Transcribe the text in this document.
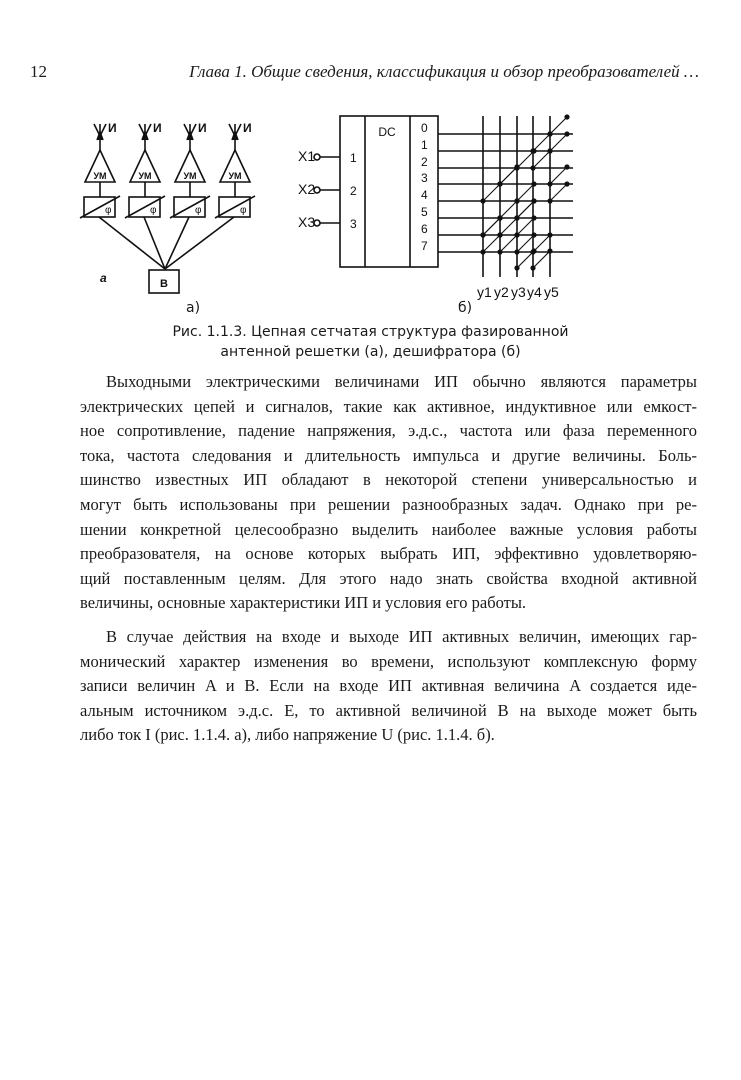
12	Глава 1. Общие сведения, классификация и обзор преобразователей …
И
УМ
φ
И
УМ
φ
И
УМ
φ
И
УМ
φ
В
а
DC
X1	1
X2	2
X3	3
0
1
2
3
4
5
6
7
y1 y2 y3 y4 y5
а)	б)
Рис. 1.1.3. Цепная сетчатая структура фазированной
антенной решетки (а), дешифратора (б)
Выходными электрическими величинами ИП обычно являются параметры
электрических цепей и сигналов, такие как активное, индуктивное или емкост-
ное сопротивление, падение напряжения, э.д.с., частота или фаза переменного
тока, частота следования и длительность импульса и другие величины. Боль-
шинство известных ИП обладают в некоторой степени универсальностью и
могут быть использованы при решении разнообразных задач. Однако при ре-
шении конкретной целесообразно выделить наиболее важные условия работы
преобразователя, на основе которых выбрать ИП, эффективно удовлетворяю-
щий поставленным целям. Для этого надо знать свойства входной активной
величины, основные характеристики ИП и условия его работы.
В случае действия на входе и выходе ИП активных величин, имеющих гар-
монический характер изменения во времени, используют комплексную форму
записи величин A и B. Если на входе ИП активная величина A создается иде-
альным источником э.д.с. E, то активной величиной B на выходе может быть
либо ток I (рис. 1.1.4. а), либо напряжение U (рис. 1.1.4. б).
